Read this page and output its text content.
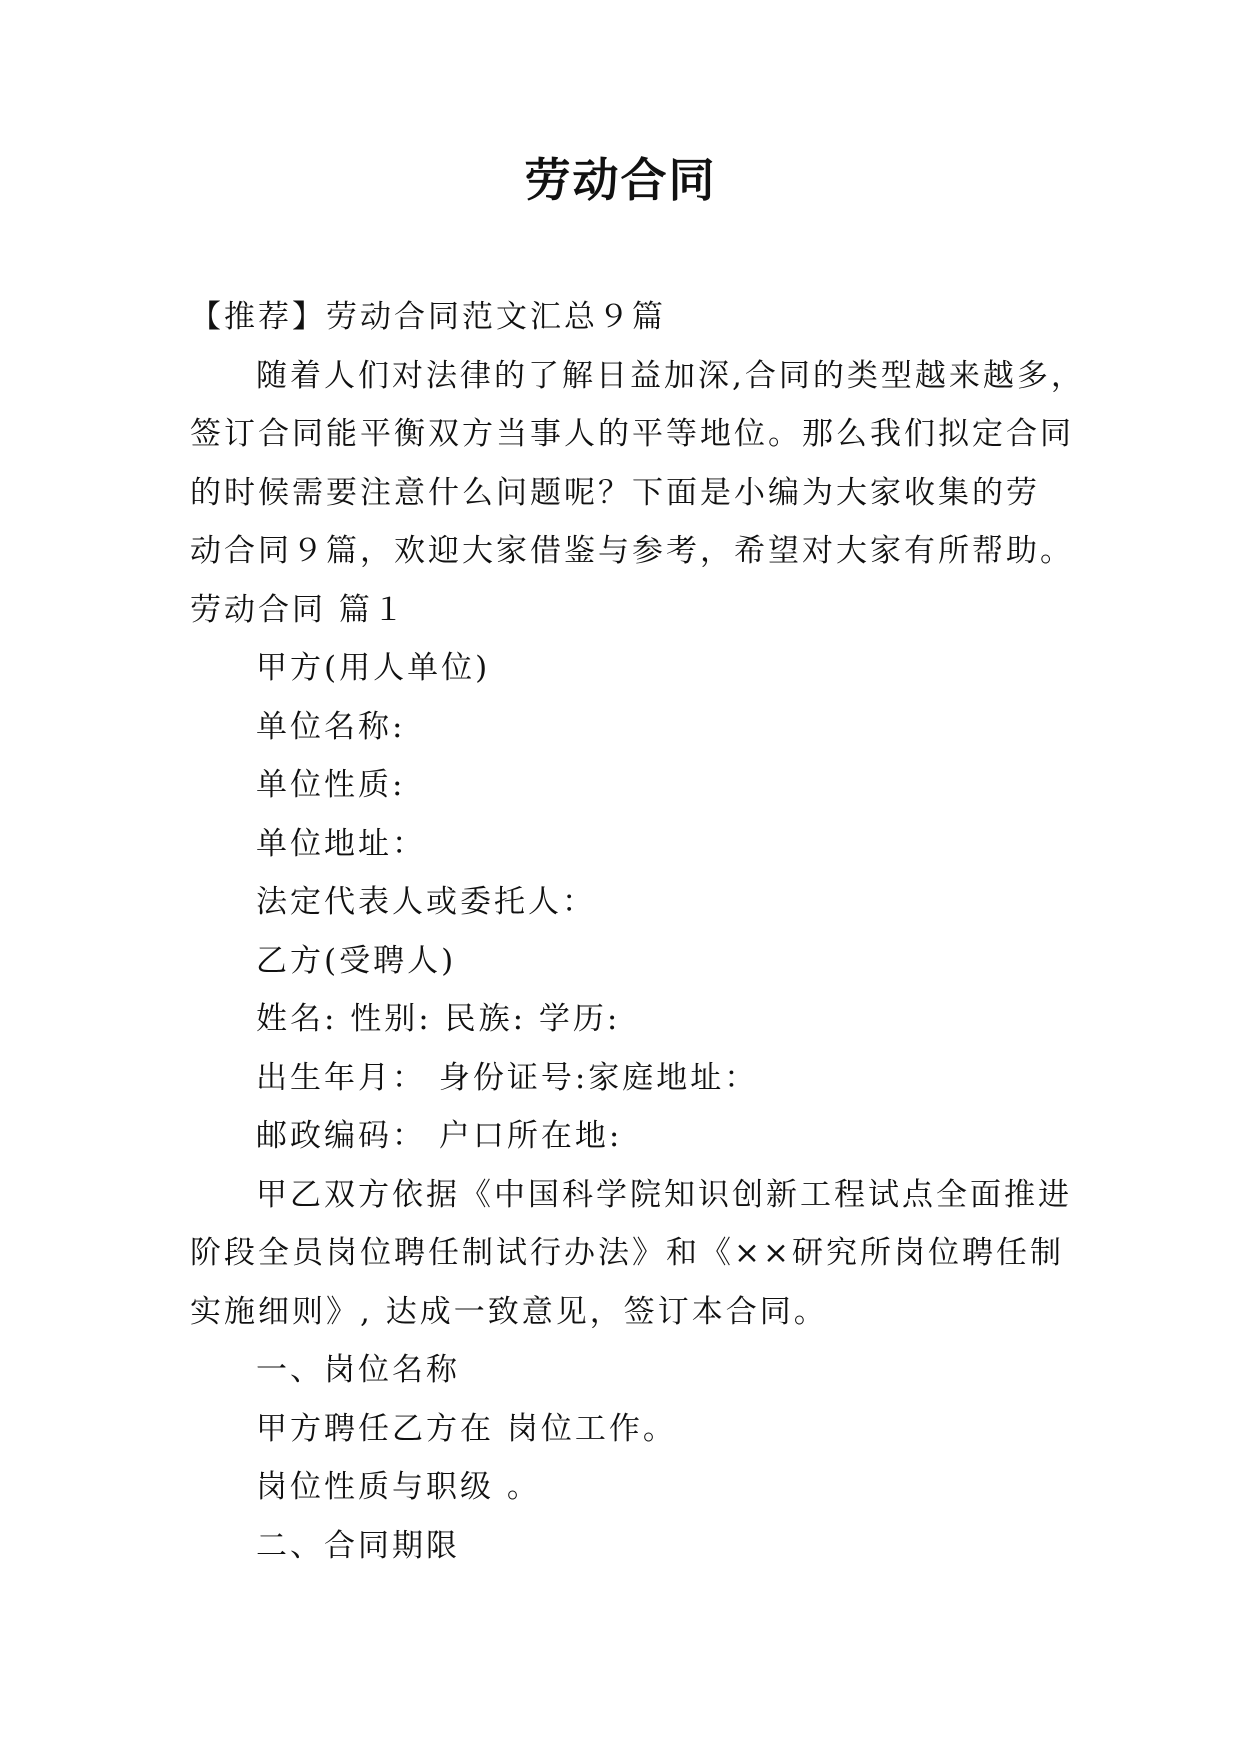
劳动合同
【推荐】劳动合同范文汇总９篇
随着人们对法律的了解日益加深,合同的类型越来越多，
签订合同能平衡双方当事人的平等地位。那么我们拟定合同
的时候需要注意什么问题呢？下面是小编为大家收集的劳
动合同９篇，欢迎大家借鉴与参考，希望对大家有所帮助。
劳动合同 篇１
甲方(用人单位)
单位名称:
单位性质:
单位地址：
法定代表人或委托人：
乙方(受聘人)
姓名: 性别: 民族: 学历:
出生年月： 身份证号:家庭地址：
邮政编码： 户口所在地:
甲乙双方依据《中国科学院知识创新工程试点全面推进
阶段全员岗位聘任制试行办法》和《××研究所岗位聘任制
实施细则》, 达成一致意见，签订本合同。
一、岗位名称
甲方聘任乙方在 岗位工作。
岗位性质与职级 。
二、合同期限
